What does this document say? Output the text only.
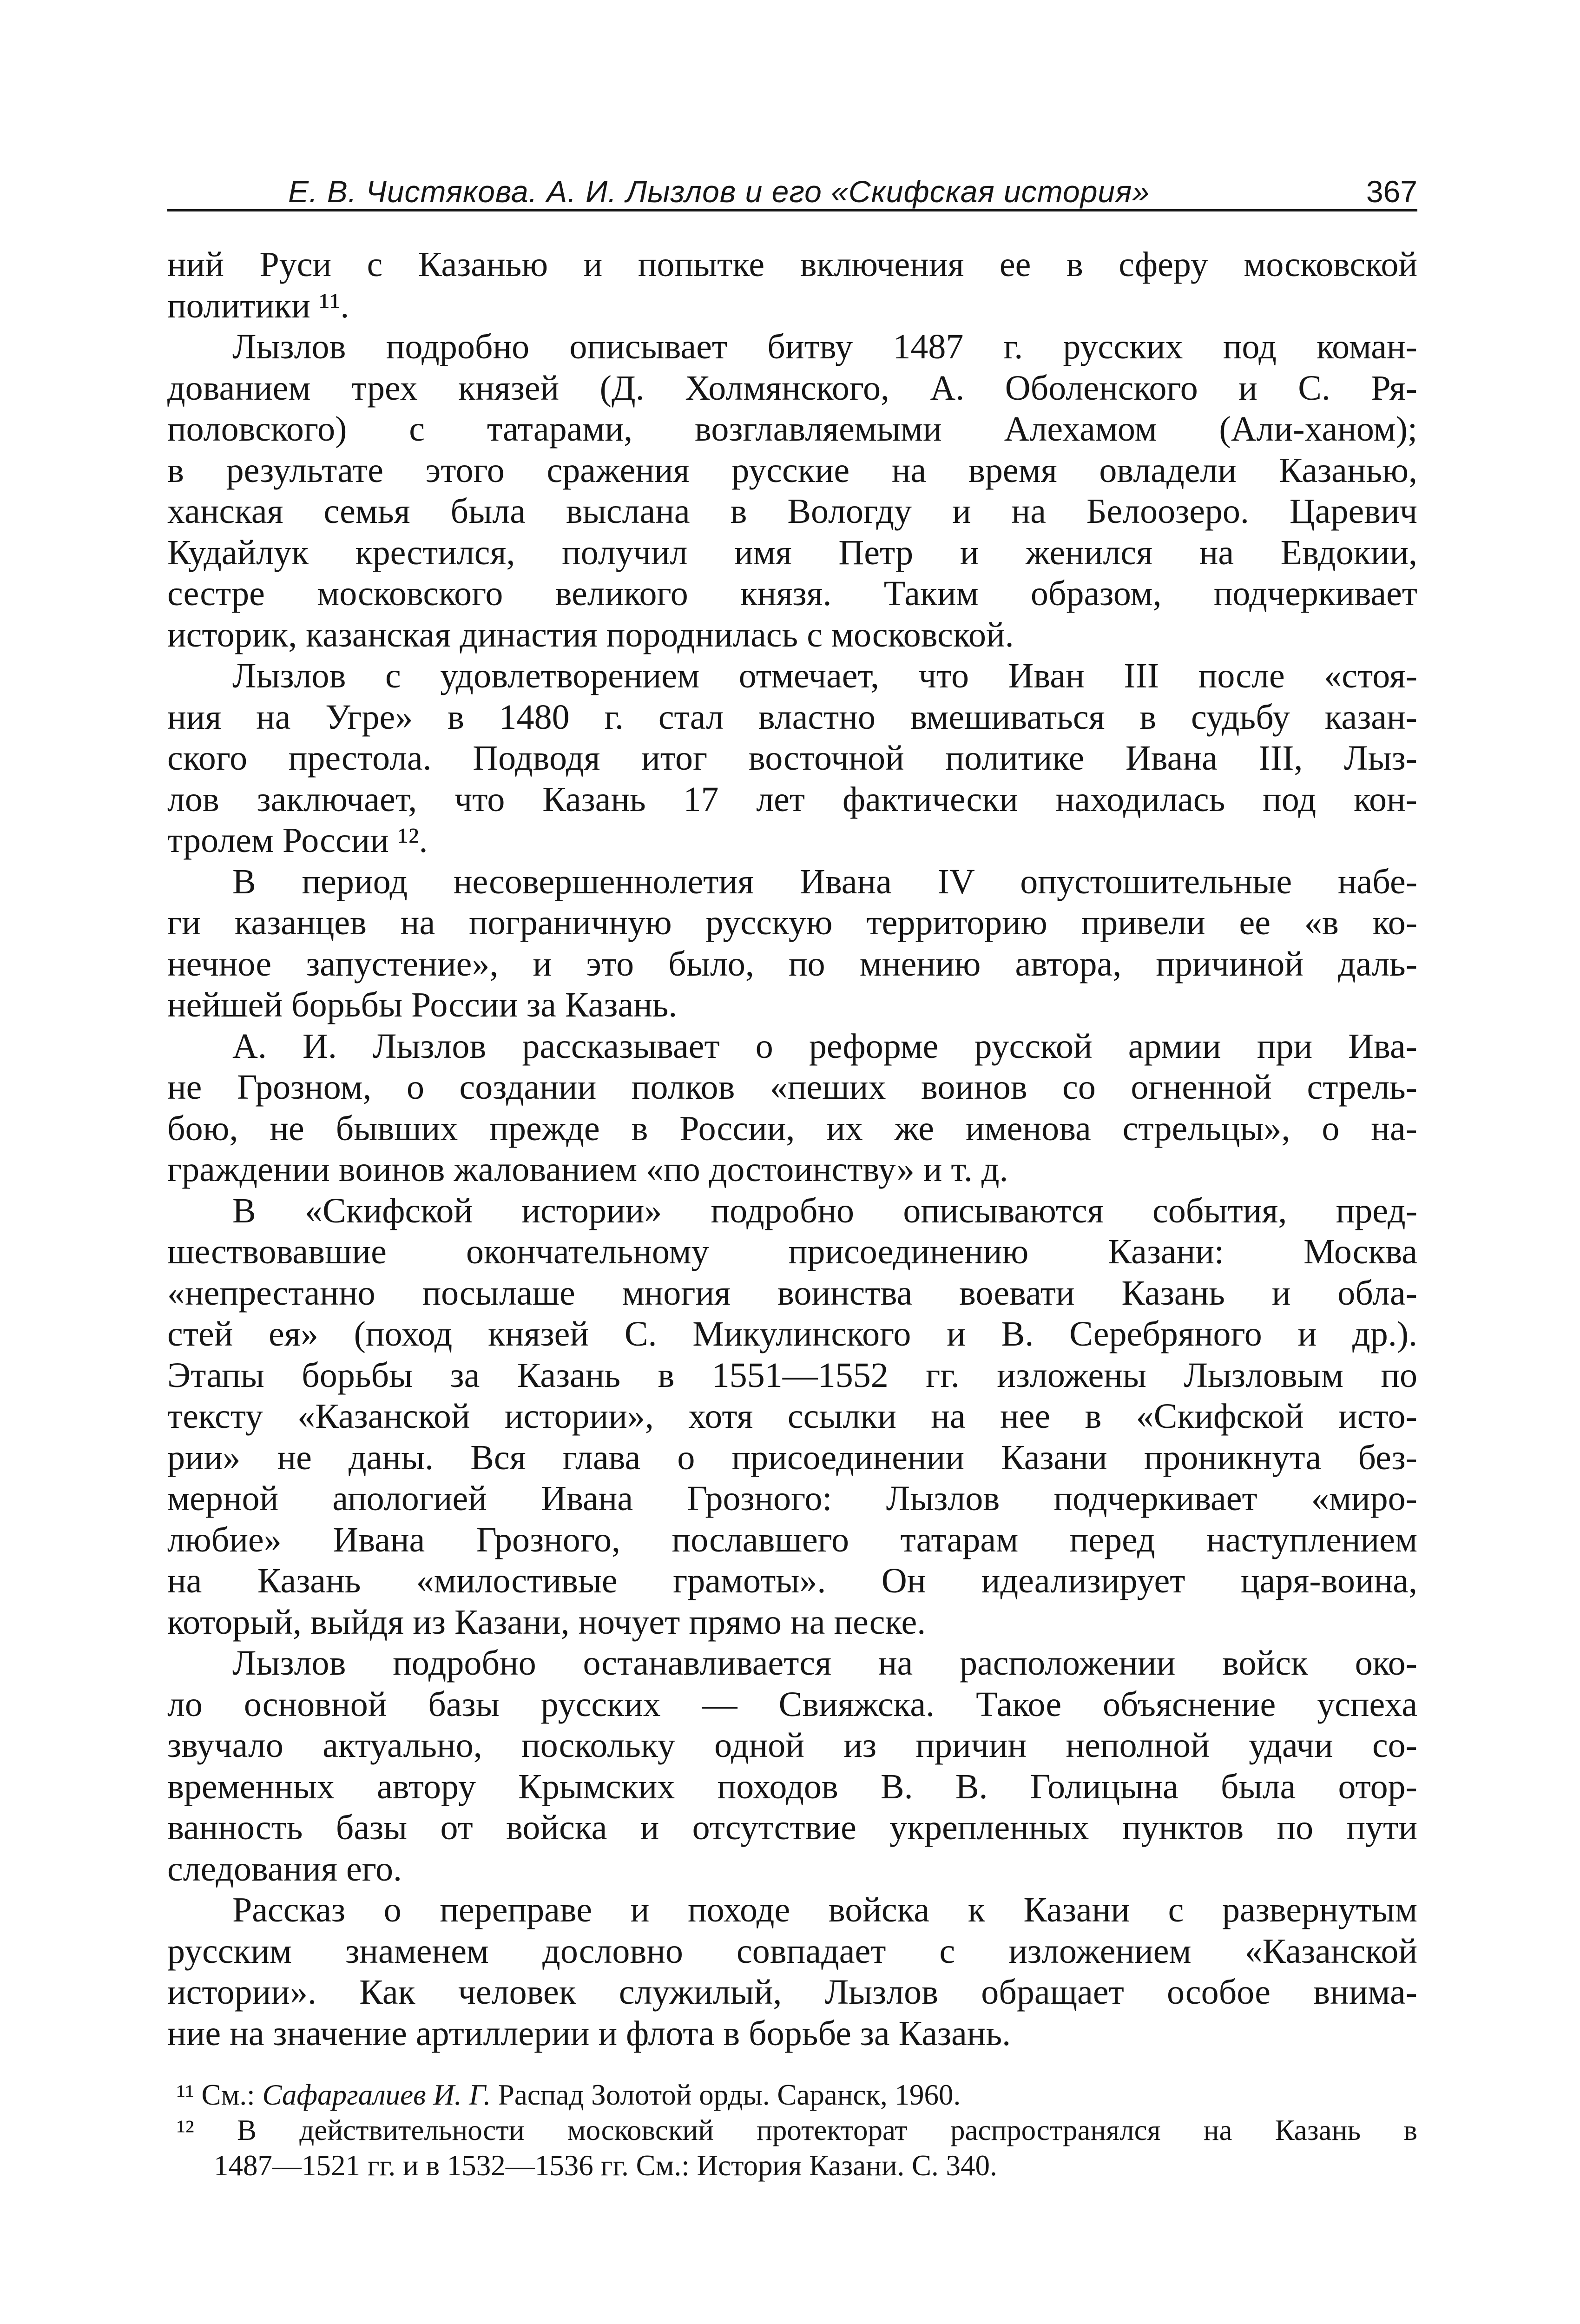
Е. В. Чистякова. А. И. Лызлов и его «Скифская история»	367
ний Руси с Казанью и попытке включения ее в сферу московской
политики ¹¹.
Лызлов подробно описывает битву 1487 г. русских под коман-
дованием трех князей (Д. Холмянского, А. Оболенского и С. Ря-
половского) с татарами, возглавляемыми Алехамом (Али-ханом);
в результате этого сражения русские на время овладели Казанью,
ханская семья была выслана в Вологду и на Белоозеро. Царевич
Кудайлук крестился, получил имя Петр и женился на Евдокии,
сестре московского великого князя. Таким образом, подчеркивает
историк, казанская династия породнилась с московской.
Лызлов с удовлетворением отмечает, что Иван III после «стоя-
ния на Угре» в 1480 г. стал властно вмешиваться в судьбу казан-
ского престола. Подводя итог восточной политике Ивана III, Лыз-
лов заключает, что Казань 17 лет фактически находилась под кон-
тролем России ¹².
В период несовершеннолетия Ивана IV опустошительные набе-
ги казанцев на пограничную русскую территорию привели ее «в ко-
нечное запустение», и это было, по мнению автора, причиной даль-
нейшей борьбы России за Казань.
А. И. Лызлов рассказывает о реформе русской армии при Ива-
не Грозном, о создании полков «пеших воинов со огненной стрель-
бою, не бывших прежде в России, их же именова стрельцы», о на-
граждении воинов жалованием «по достоинству» и т. д.
В «Скифской истории» подробно описываются события, пред-
шествовавшие окончательному присоединению Казани: Москва
«непрестанно посылаше многия воинства воевати Казань и обла-
стей ея» (поход князей С. Микулинского и В. Серебряного и др.).
Этапы борьбы за Казань в 1551—1552 гг. изложены Лызловым по
тексту «Казанской истории», хотя ссылки на нее в «Скифской исто-
рии» не даны. Вся глава о присоединении Казани проникнута без-
мерной апологией Ивана Грозного: Лызлов подчеркивает «миро-
любие» Ивана Грозного, пославшего татарам перед наступлением
на Казань «милостивые грамоты». Он идеализирует царя-воина,
который, выйдя из Казани, ночует прямо на песке.
Лызлов подробно останавливается на расположении войск око-
ло основной базы русских — Свияжска. Такое объяснение успеха
звучало актуально, поскольку одной из причин неполной удачи со-
временных автору Крымских походов В. В. Голицына была отор-
ванность базы от войска и отсутствие укрепленных пунктов по пути
следования его.
Рассказ о переправе и походе войска к Казани с развернутым
русским знаменем дословно совпадает с изложением «Казанской
истории». Как человек служилый, Лызлов обращает особое внима-
ние на значение артиллерии и флота в борьбе за Казань.
¹¹ См.: Сафаргалиев И. Г. Распад Золотой орды. Саранск, 1960.
¹² В действительности московский протекторат распространялся на Казань в
1487—1521 гг. и в 1532—1536 гг. См.: История Казани. С. 340.
